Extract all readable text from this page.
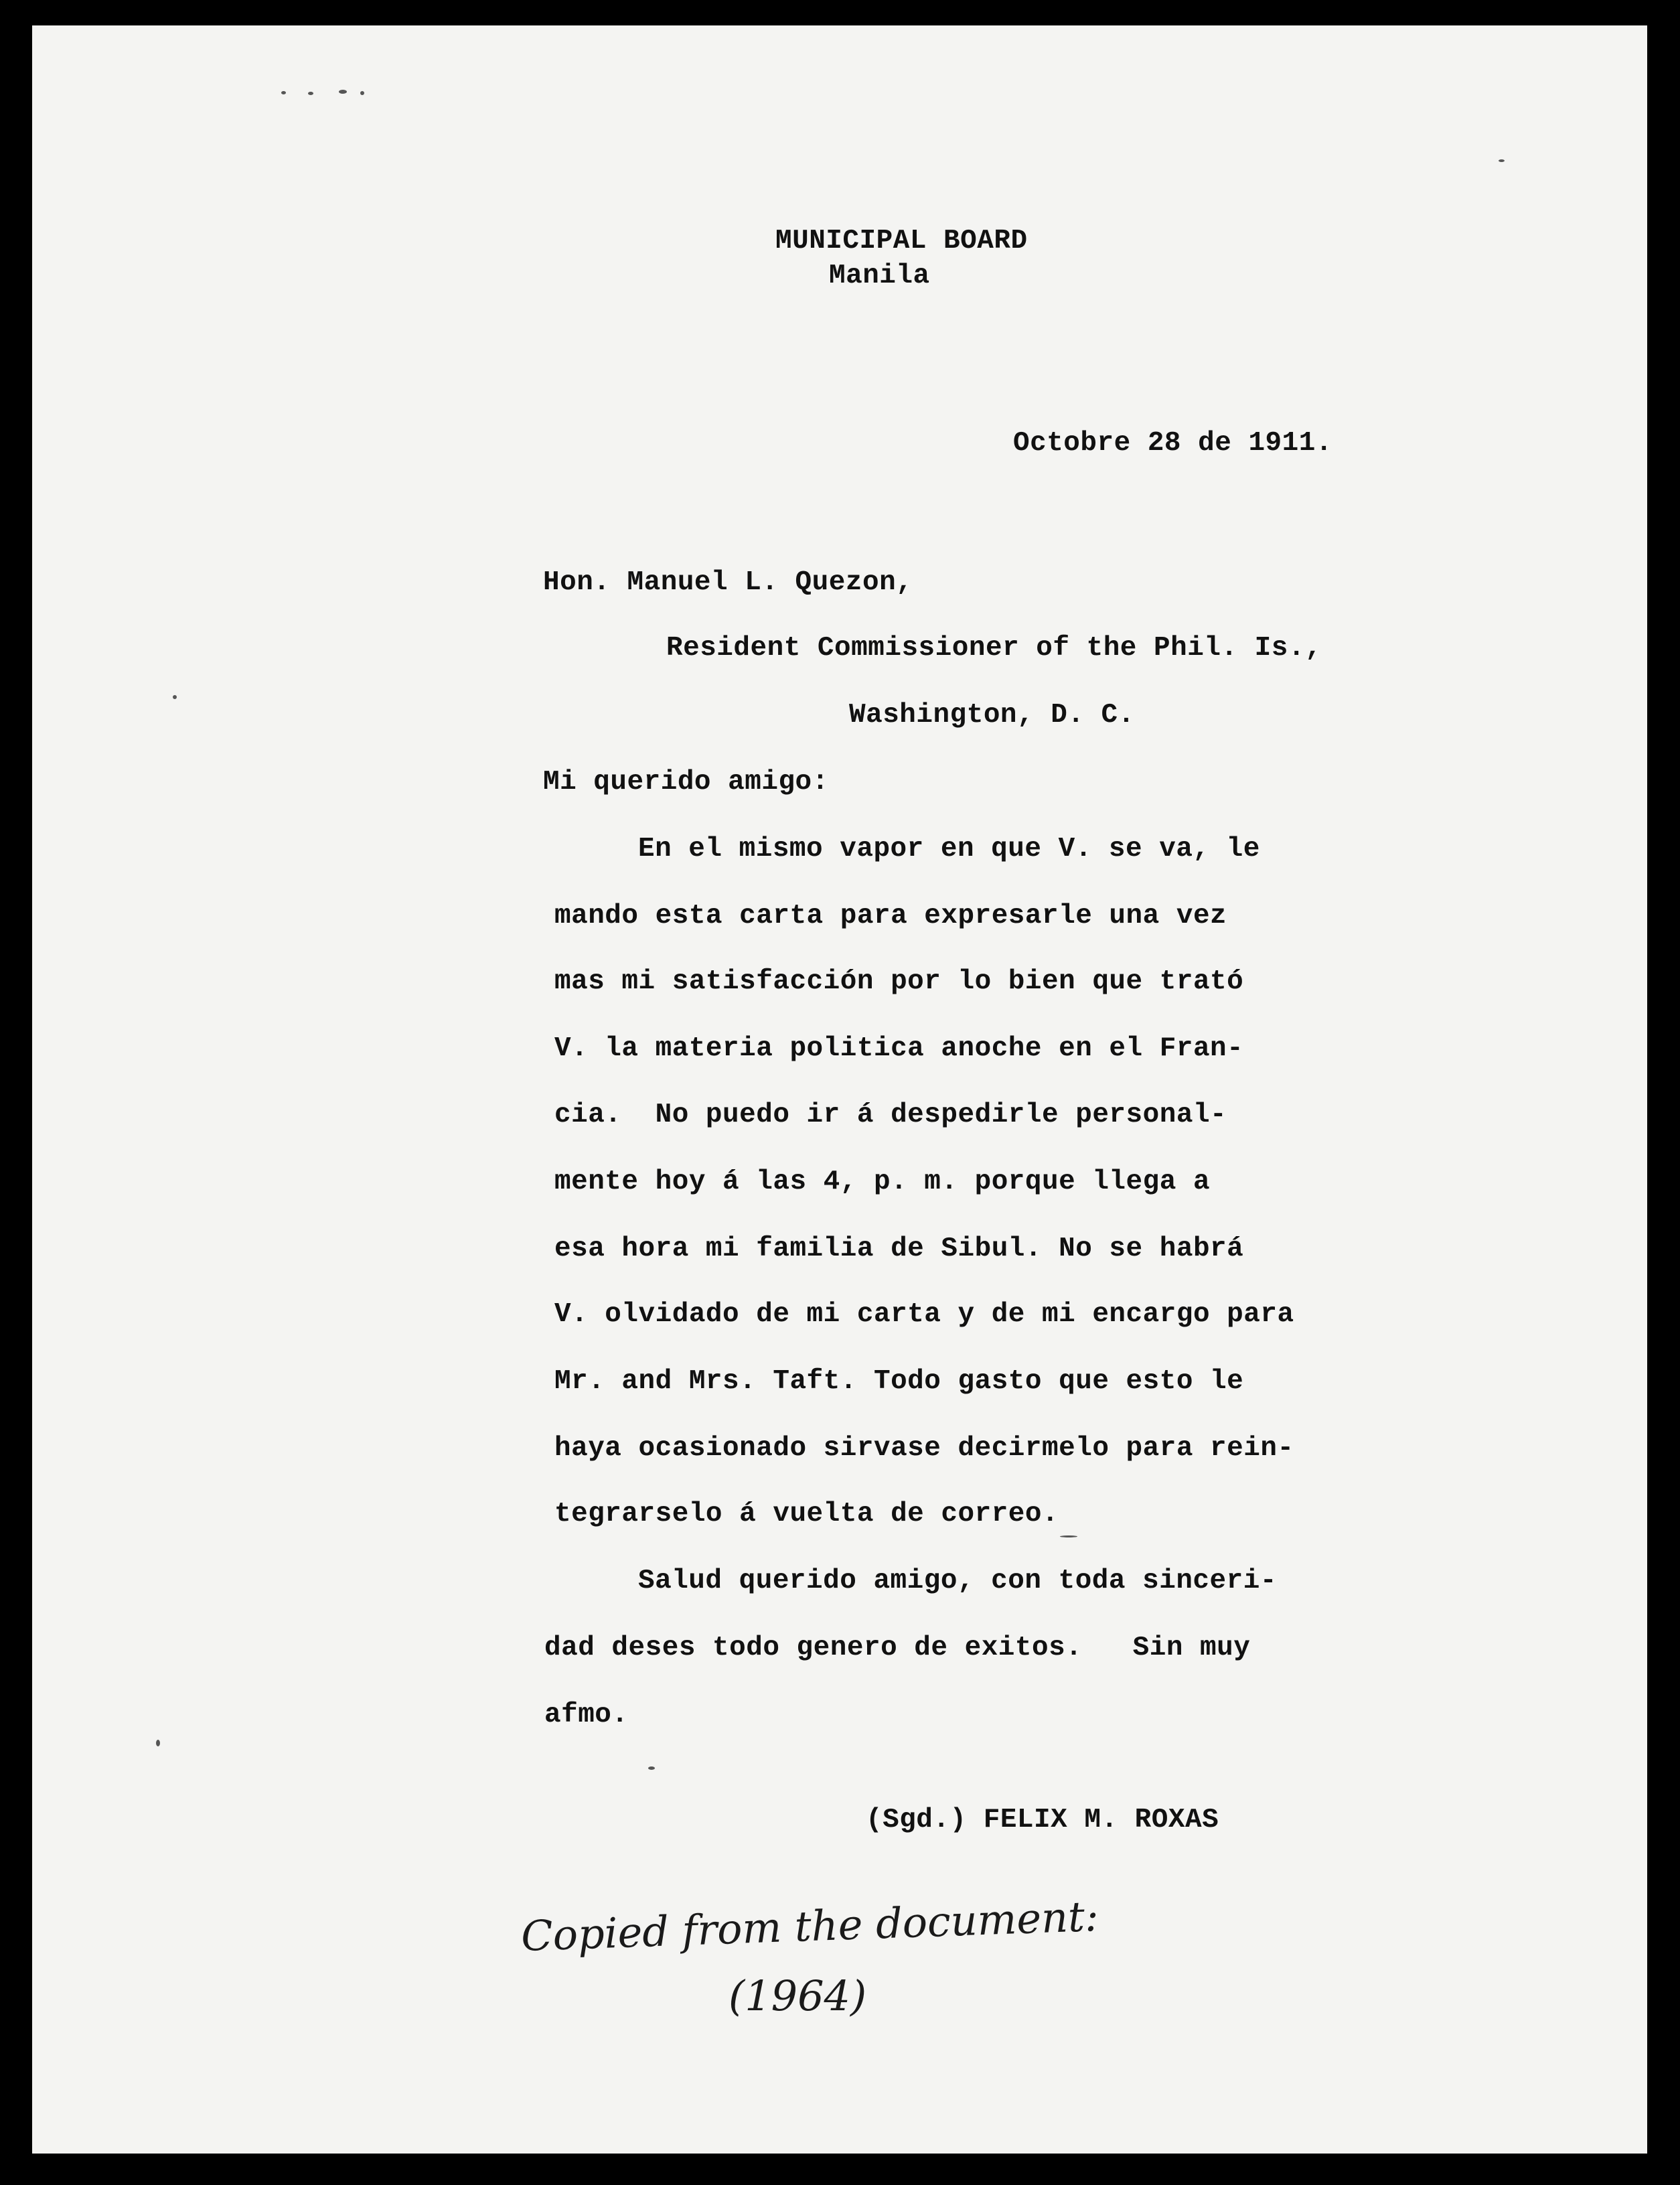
MUNICIPAL BOARD

Manila

Octobre 28 de 1911.

Hon. Manuel L. Quezon,

Resident Commissioner of the Phil. Is.,

Washington, D. C.

Mi querido amigo:

En el mismo vapor en que V. se va, le

mando esta carta para expresarle una vez

mas mi satisfacción por lo bien que trató

V. la materia politica anoche en el Fran-

cia.  No puedo ir á despedirle personal-

mente hoy á las 4, p. m. porque llega a

esa hora mi familia de Sibul. No se habrá

V. olvidado de mi carta y de mi encargo para

Mr. and Mrs. Taft. Todo gasto que esto le

haya ocasionado sirvase decirmelo para rein-

tegrarselo á vuelta de correo.

Salud querido amigo, con toda sinceri-

dad deses todo genero de exitos.   Sin muy

afmo.

(Sgd.) FELIX M. ROXAS

Copied from the document:
(1964)
